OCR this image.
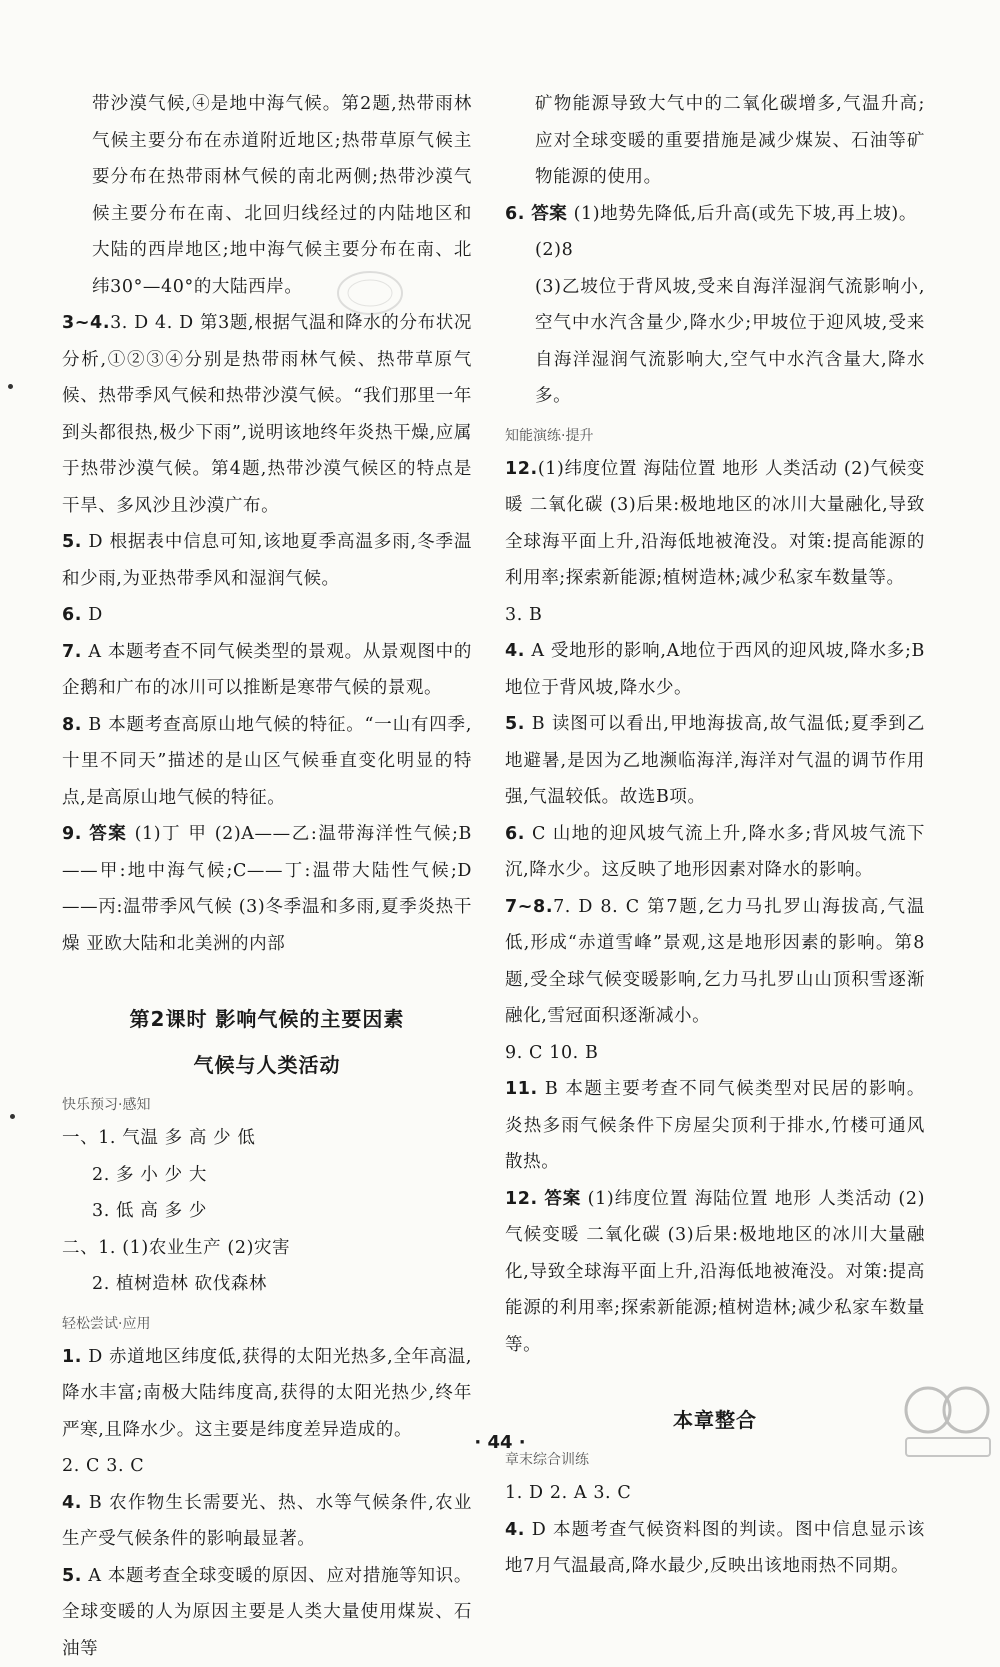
带沙漠气候,④是地中海气候。第2题,热带雨林气候主要分布在赤道附近地区;热带草原气候主要分布在热带雨林气候的南北两侧;热带沙漠气候主要分布在南、北回归线经过的内陆地区和大陆的西岸地区;地中海气候主要分布在南、北纬30°—40°的大陆西岸。

3~4.3. D 4. D 第3题,根据气温和降水的分布状况分析,①②③④分别是热带雨林气候、热带草原气候、热带季风气候和热带沙漠气候。“我们那里一年到头都很热,极少下雨”,说明该地终年炎热干燥,应属于热带沙漠气候。第4题,热带沙漠气候区的特点是干旱、多风沙且沙漠广布。

5. D 根据表中信息可知,该地夏季高温多雨,冬季温和少雨,为亚热带季风和湿润气候。

6. D

7. A 本题考查不同气候类型的景观。从景观图中的企鹅和广布的冰川可以推断是寒带气候的景观。

8. B 本题考查高原山地气候的特征。“一山有四季,十里不同天”描述的是山区气候垂直变化明显的特点,是高原山地气候的特征。

9. 答案 (1)丁 甲 (2)A——乙:温带海洋性气候;B——甲:地中海气候;C——丁:温带大陆性气候;D——丙:温带季风气候 (3)冬季温和多雨,夏季炎热干燥 亚欧大陆和北美洲的内部

第2课时 影响气候的主要因素
气候与人类活动
快乐预习·感知

一、1. 气温 多 高 少 低

2. 多 小 少 大

3. 低 高 多 少

二、1. (1)农业生产 (2)灾害

2. 植树造林 砍伐森林

轻松尝试·应用

1. D 赤道地区纬度低,获得的太阳光热多,全年高温,降水丰富;南极大陆纬度高,获得的太阳光热少,终年严寒,且降水少。这主要是纬度差异造成的。

2. C 3. C

4. B 农作物生长需要光、热、水等气候条件,农业生产受气候条件的影响最显著。

5. A 本题考查全球变暖的原因、应对措施等知识。全球变暖的人为原因主要是人类大量使用煤炭、石油等

矿物能源导致大气中的二氧化碳增多,气温升高;应对全球变暖的重要措施是减少煤炭、石油等矿物能源的使用。

6. 答案 (1)地势先降低,后升高(或先下坡,再上坡)。

(2)8

(3)乙坡位于背风坡,受来自海洋湿润气流影响小,空气中水汽含量少,降水少;甲坡位于迎风坡,受来自海洋湿润气流影响大,空气中水汽含量大,降水多。

知能演练·提升

12.(1)纬度位置 海陆位置 地形 人类活动 (2)气候变暖 二氧化碳 (3)后果:极地地区的冰川大量融化,导致全球海平面上升,沿海低地被淹没。对策:提高能源的利用率;探索新能源;植树造林;减少私家车数量等。

3. B

4. A 受地形的影响,A地位于西风的迎风坡,降水多;B地位于背风坡,降水少。

5. B 读图可以看出,甲地海拔高,故气温低;夏季到乙地避暑,是因为乙地濒临海洋,海洋对气温的调节作用强,气温较低。故选B项。

6. C 山地的迎风坡气流上升,降水多;背风坡气流下沉,降水少。这反映了地形因素对降水的影响。

7~8.7. D 8. C 第7题,乞力马扎罗山海拔高,气温低,形成“赤道雪峰”景观,这是地形因素的影响。第8题,受全球气候变暖影响,乞力马扎罗山山顶积雪逐渐融化,雪冠面积逐渐减小。

9. C 10. B

11. B 本题主要考查不同气候类型对民居的影响。炎热多雨气候条件下房屋尖顶利于排水,竹楼可通风散热。

12. 答案 (1)纬度位置 海陆位置 地形 人类活动 (2)气候变暖 二氧化碳 (3)后果:极地地区的冰川大量融化,导致全球海平面上升,沿海低地被淹没。对策:提高能源的利用率;探索新能源;植树造林;减少私家车数量等。

本章整合
章末综合训练

1. D 2. A 3. C

4. D 本题考查气候资料图的判读。图中信息显示该地7月气温最高,降水最少,反映出该地雨热不同期。

· 44 ·
